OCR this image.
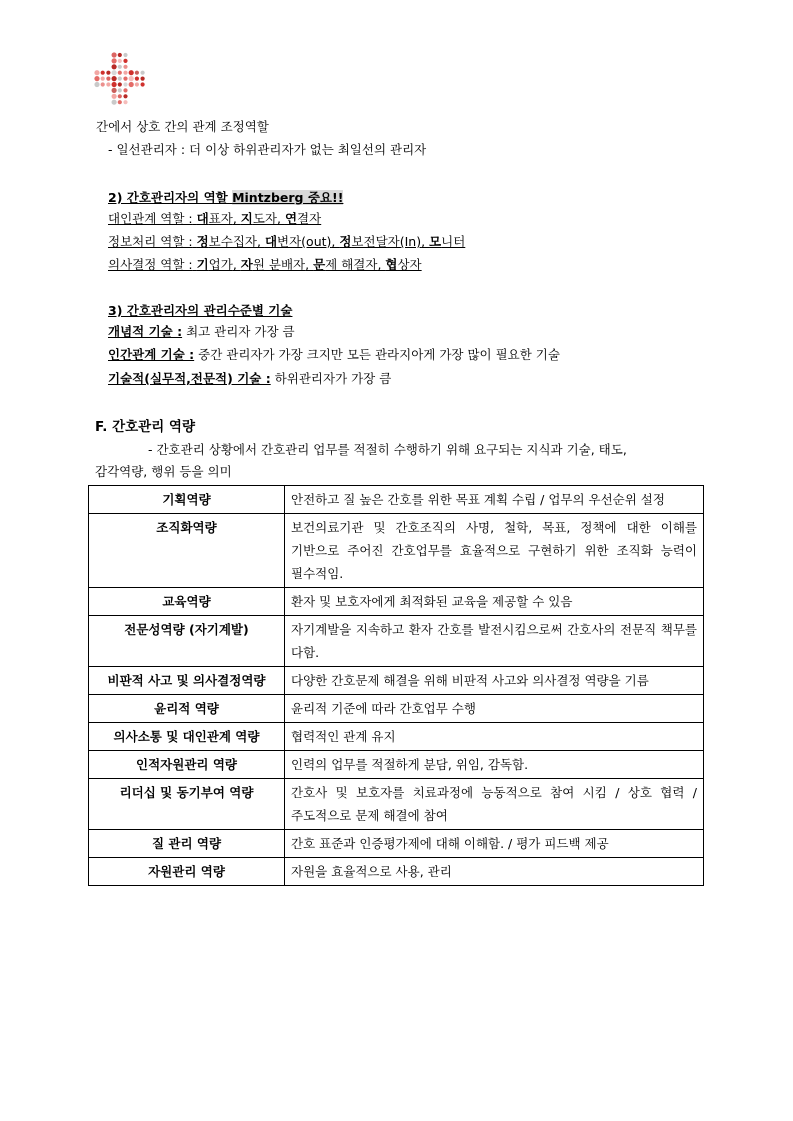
간에서 상호 간의 관계 조정역할
- 일선관리자 : 더 이상 하위관리자가 없는 최일선의 관리자
2) 간호관리자의 역할 Mintzberg 중요!!
대인관계 역할 : 대표자, 지도자, 연결자
정보처리 역할 : 정보수집자, 대변자(out), 정보전달자(In), 모니터
의사결정 역할 : 기업가, 자원 분배자, 문제 해결자, 협상자
3) 간호관리자의 관리수준별 기술
개념적 기술 : 최고 관리자 가장 큼
인간관계 기술 : 중간 관리자가 가장 크지만 모든 관라지아게 가장 많이 필요한 기술
기술적(실무적,전문적) 기술 : 하위관리자가 가장 큼
F. 간호관리 역량
- 간호관리 상황에서 간호관리 업무를 적절히 수행하기 위해 요구되는 지식과 기술, 태도,
감각역량, 행위 등을 의미
기획역량	안전하고 질 높은 간호를 위한 목표 계획 수립 / 업무의 우선순위 설정
조직화역량	보건의료기관 및 간호조직의 사명, 철학, 목표, 정책에 대한 이해를 기반으로 주어진 간호업무를 효율적으로 구현하기 위한 조직화 능력이 필수적임.
교육역량	환자 및 보호자에게 최적화된 교육을 제공할 수 있음
전문성역량 (자기계발)	자기계발을 지속하고 환자 간호를 발전시킴으로써 간호사의 전문직 책무를 다함.
비판적 사고 및 의사결정역량	다양한 간호문제 해결을 위해 비판적 사고와 의사결정 역량을 기름
윤리적 역량	윤리적 기준에 따라 간호업무 수행
의사소통 및 대인관계 역량	협력적인 관계 유지
인적자원관리 역량	인력의 업무를 적절하게 분담, 위임, 감독함.
리더십 및 동기부여 역량	간호사 및 보호자를 치료과정에 능동적으로 참여 시킴 / 상호 협력 / 주도적으로 문제 해결에 참여
질 관리 역량	간호 표준과 인증평가제에 대해 이해함. / 평가 피드백 제공
자원관리 역량	자원을 효율적으로 사용, 관리
